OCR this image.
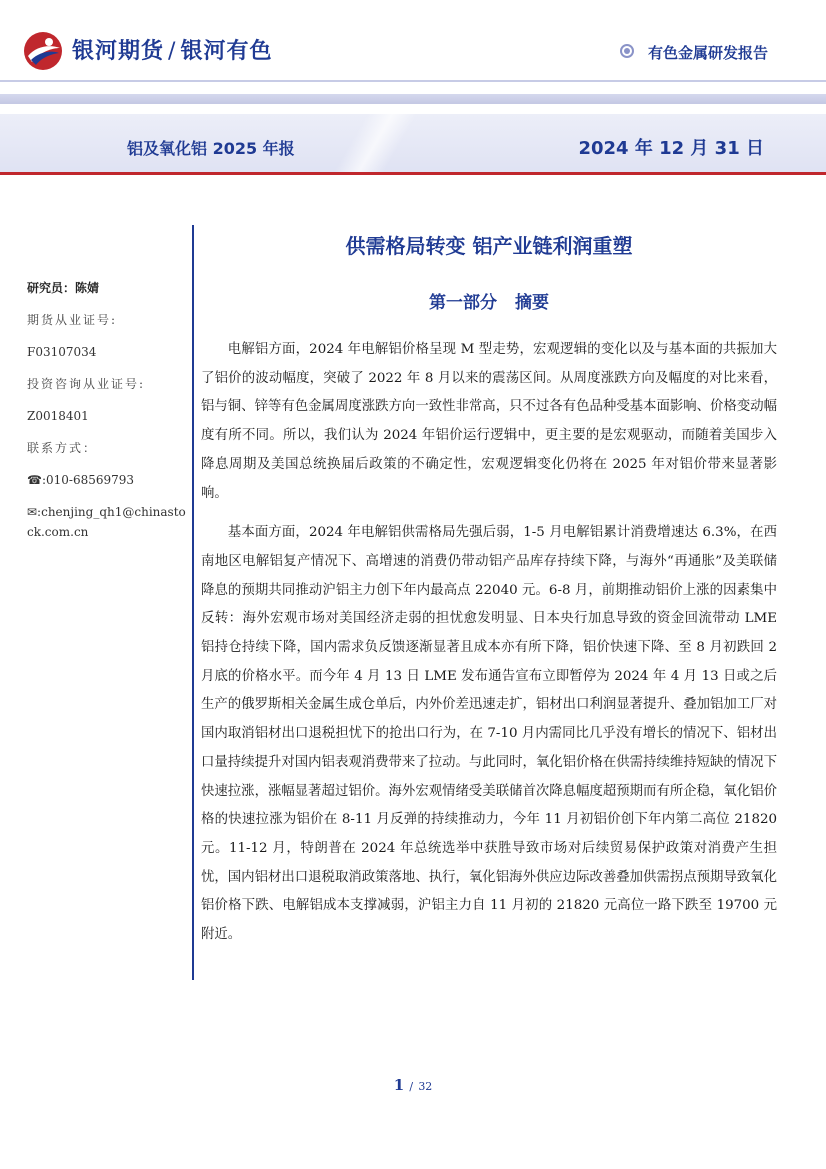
银河期货 / 银河有色	有色金属研发报告
铝及氧化铝 2025 年报	2024 年 12 月 31 日
研究员：陈婧
期货从业证号:
F03107034
投资咨询从业证号:
Z0018401
联系方式：
☎:010-68569793
✉:chenjing_qh1@chinastock.com.cn
供需格局转变 铝产业链利润重塑
第一部分 摘要

电解铝方面，2024 年电解铝价格呈现 M 型走势，宏观逻辑的变化以及与基本面的共振加大了铝价的波动幅度，突破了 2022 年 8 月以来的震荡区间。从周度涨跌方向及幅度的对比来看，铝与铜、锌等有色金属周度涨跌方向一致性非常高，只不过各有色品种受基本面影响、价格变动幅度有所不同。所以，我们认为 2024 年铝价运行逻辑中，更主要的是宏观驱动，而随着美国步入降息周期及美国总统换届后政策的不确定性，宏观逻辑变化仍将在 2025 年对铝价带来显著影响。

基本面方面，2024 年电解铝供需格局先强后弱，1-5 月电解铝累计消费增速达 6.3%，在西南地区电解铝复产情况下、高增速的消费仍带动铝产品库存持续下降，与海外“再通胀”及美联储降息的预期共同推动沪铝主力创下年内最高点 22040 元。6-8 月，前期推动铝价上涨的因素集中反转：海外宏观市场对美国经济走弱的担忧愈发明显、日本央行加息导致的资金回流带动 LME 铝持仓持续下降，国内需求负反馈逐渐显著且成本亦有所下降，铝价快速下降、至 8 月初跌回 2 月底的价格水平。而今年 4 月 13 日 LME 发布通告宣布立即暂停为 2024 年 4 月 13 日或之后生产的俄罗斯相关金属生成仓单后，内外价差迅速走扩，铝材出口利润显著提升、叠加铝加工厂对国内取消铝材出口退税担忧下的抢出口行为，在 7-10 月内需同比几乎没有增长的情况下、铝材出口量持续提升对国内铝表观消费带来了拉动。与此同时，氧化铝价格在供需持续维持短缺的情况下快速拉涨，涨幅显著超过铝价。海外宏观情绪受美联储首次降息幅度超预期而有所企稳，氧化铝价格的快速拉涨为铝价在 8-11 月反弹的持续推动力，今年 11 月初铝价创下年内第二高位 21820 元。11-12 月，特朗普在 2024 年总统选举中获胜导致市场对后续贸易保护政策对消费产生担忧，国内铝材出口退税取消政策落地、执行，氧化铝海外供应边际改善叠加供需拐点预期导致氧化铝价格下跌、电解铝成本支撑减弱，沪铝主力自 11 月初的 21820 元高位一路下跌至 19700 元附近。

1 / 32
